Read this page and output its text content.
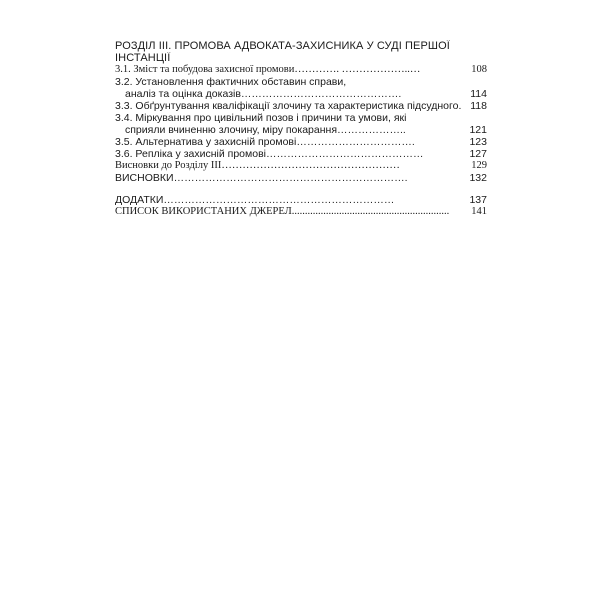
РОЗДІЛ ІІІ. ПРОМОВА АДВОКАТА-ЗАХИСНИКА У СУДІ ПЕРШОЇ
ІНСТАНЦІЇ
3.1. Зміст та побудова захисної промови …………. ………………..…	108
3.2. Установлення фактичних обставин справи,
аналіз та оцінка доказів ……………………………………….	114
3.3. Обґрунтування кваліфікації злочину та характеристика підсудного . 118
3.4. Міркування про цивільний позов і причини та умови, які
сприяли вчиненню злочину, міру покарання ………………..	121
3.5. Альтернатива у захисній промові …………………………….	123
3.6. Репліка у захисній промові ………………………………………	127
Висновки до Розділу ІІІ ……………………………………………	129
ВИСНОВКИ ………………………………………………………….	132
ДОДАТКИ …………………………………………………………	137
СПИСОК ВИКОРИСТАНИХ ДЖЕРЕЛ ............................................................	141
